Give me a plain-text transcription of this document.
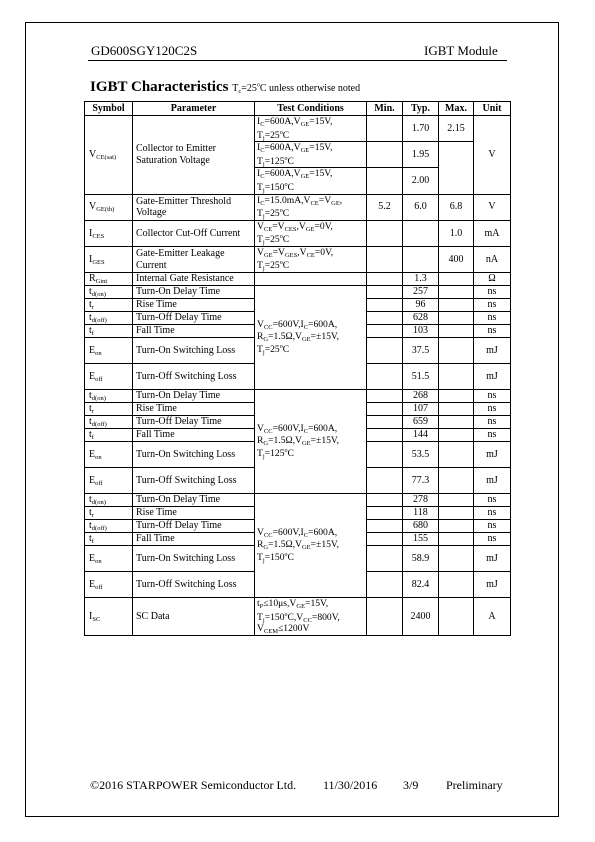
GD600SGY120C2S	IGBT Module
IGBT Characteristics $T_c=25^oC$ unless otherwise noted
Symbol	Parameter	Test Conditions	Min.	Typ.	Max.	Unit
$V_{CE(sat)}$	Collector to Emitter Saturation Voltage	$I_C=600A,V_{GE}=15V$,
$T_j=25^oC$		1.70	2.15	V
		$I_C=600A,V_{GE}=15V$,
$T_j=125^oC$		1.95		
		$I_C=600A,V_{GE}=15V$,
$T_j=150^oC$		2.00		
$V_{GE(th)}$	Gate-Emitter Threshold Voltage	$I_C=15.0mA,V_{CE}=V_{GE}$,
$T_j=25^oC$	5.2	6.0	6.8	V
$I_{CES}$	Collector Cut-Off Current	$V_{CE}=V_{CES},V_{GE}=0V$,
$T_j=25^oC$			1.0	mA
$I_{GES}$	Gate-Emitter Leakage Current	$V_{GE}=V_{GES},V_{CE}=0V$,
$T_j=25^oC$			400	nA
$R_{Gint}$	Internal Gate Resistance			1.3		Ω
$t_{d(on)}$	Turn-On Delay Time	$V_{CC}=600V,I_C=600A$,
$R_G=1.5\Omega,V_{GE}=\pm 15V$,
$T_j=25^oC$		257		ns
$t_r$	Rise Time			96		ns
$t_{d(off)}$	Turn-Off Delay Time			628		ns
$t_f$	Fall Time			103		ns
$E_{on}$	Turn-On Switching Loss			37.5		mJ
$E_{off}$	Turn-Off Switching Loss			51.5		mJ
$t_{d(on)}$	Turn-On Delay Time	$V_{CC}=600V,I_C=600A$,
$R_G=1.5\Omega,V_{GE}=\pm 15V$,
$T_j=125^oC$		268		ns
$t_r$	Rise Time			107		ns
$t_{d(off)}$	Turn-Off Delay Time			659		ns
$t_f$	Fall Time			144		ns
$E_{on}$	Turn-On Switching Loss			53.5		mJ
$E_{off}$	Turn-Off Switching Loss			77.3		mJ
$t_{d(on)}$	Turn-On Delay Time	$V_{CC}=600V,I_C=600A$,
$R_G=1.5\Omega,V_{GE}=\pm 15V$,
$T_j=150^oC$		278		ns
$t_r$	Rise Time			118		ns
$t_{d(off)}$	Turn-Off Delay Time			680		ns
$t_f$	Fall Time			155		ns
$E_{on}$	Turn-On Switching Loss			58.9		mJ
$E_{off}$	Turn-Off Switching Loss			82.4		mJ
$I_{SC}$	SC Data	$t_P\le 10\mu s,V_{GE}=15V$,
$T_j=150^oC,V_{CC}=800V$,
$V_{CEM}\le 1200V$		2400		A
©2016 STARPOWER Semiconductor Ltd. 11/30/2016 3/9 Preliminary
